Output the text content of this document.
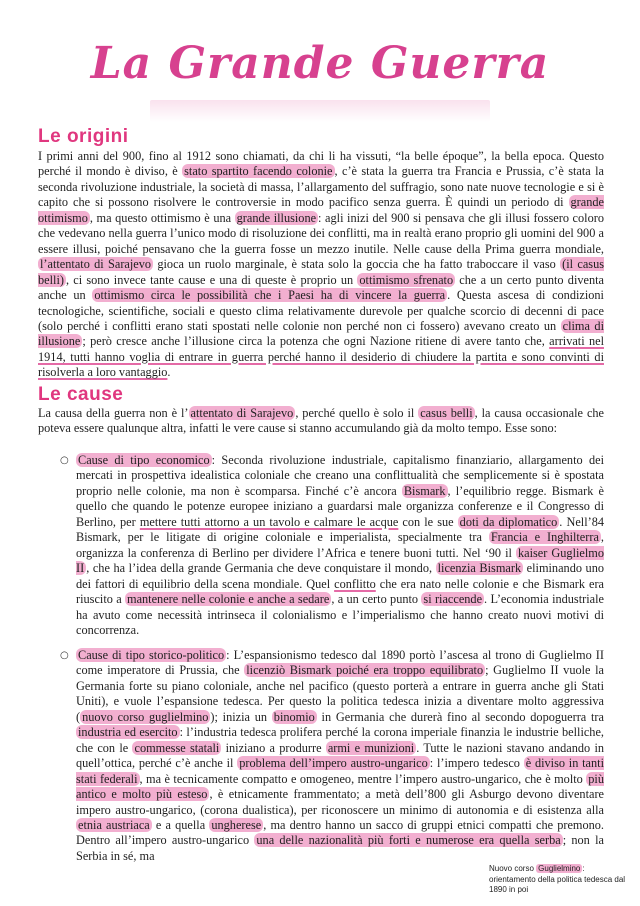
La Grande Guerra
Le origini

I primi anni del 900, fino al 1912 sono chiamati, da chi li ha vissuti, “la belle époque”, la bella epoca. Questo perché il mondo è diviso, è stato spartito facendo colonie , c’è stata la guerra tra Francia e Prussia, c’è stata la seconda rivoluzione industriale, la società di massa, l’allargamento del suffragio, sono nate nuove tecnologie e si è capito che si possono risolvere le controversie in modo pacifico senza guerra. È quindi un periodo di grande ottimismo , ma questo ottimismo è una grande illusione : agli inizi del 900 si pensava che gli illusi fossero coloro che vedevano nella guerra l’unico modo di risoluzione dei conflitti, ma in realtà erano proprio gli uomini del 900 a essere illusi, poiché pensavano che la guerra fosse un mezzo inutile. Nelle cause della Prima guerra mondiale, l’attentato di Sarajevo gioca un ruolo marginale, è stata solo la goccia che ha fatto traboccare il vaso (il casus belli) , ci sono invece tante cause e una di queste è proprio un ottimismo sfrenato che a un certo punto diventa anche un ottimismo circa le possibilità che i Paesi ha di vincere la guerra . Questa ascesa di condizioni tecnologiche, scientifiche, sociali e questo clima relativamente durevole per qualche scorcio di decenni di pace (solo perché i conflitti erano stati spostati nelle colonie non perché non ci fossero) avevano creato un clima di illusione ; però cresce anche l’illusione circa la potenza che ogni Nazione ritiene di avere tanto che, arrivati nel 1914, tutti hanno voglia di entrare in guerra perché hanno il desiderio di chiudere la partita e sono convinti di risolverla a loro vantaggio.

Le cause

La causa della guerra non è l’ attentato di Sarajevo , perché quello è solo il casus belli , la causa occasionale che poteva essere qualunque altra, infatti le vere cause si stanno accumulando già da molto tempo. Esse sono:

○ Cause di tipo economico : Seconda rivoluzione industriale, capitalismo finanziario, allargamento dei mercati in prospettiva idealistica coloniale che creano una conflittualità che semplicemente si è spostata proprio nelle colonie, ma non è scomparsa. Finché c’è ancora Bismark , l’equilibrio regge. Bismark è quello che quando le potenze europee iniziano a guardarsi male organizza conferenze e il Congresso di Berlino, per mettere tutti attorno a un tavolo e calmare le acque con le sue doti da diplomatico . Nell’84 Bismark, per le litigate di origine coloniale e imperialista, specialmente tra Francia e Inghilterra , organizza la conferenza di Berlino per dividere l’Africa e tenere buoni tutti. Nel ‘90 il kaiser Guglielmo II , che ha l’idea della grande Germania che deve conquistare il mondo, licenzia Bismark eliminando uno dei fattori di equilibrio della scena mondiale. Quel conflitto che era nato nelle colonie e che Bismark era riuscito a mantenere nelle colonie e anche a sedare , a un certo punto si riaccende . L’economia industriale ha avuto come necessità intrinseca il colonialismo e l’imperialismo che hanno creato nuovi motivi di concorrenza.

○ Cause di tipo storico-politico : L’espansionismo tedesco dal 1890 portò l’ascesa al trono di Guglielmo II come imperatore di Prussia, che licenziò Bismark poiché era troppo equilibrato ; Guglielmo II vuole la Germania forte su piano coloniale, anche nel pacifico (questo porterà a entrare in guerra anche gli Stati Uniti), e vuole l’espansione tedesca. Per questo la politica tedesca inizia a diventare molto aggressiva ( nuovo corso guglielmino ); inizia un binomio in Germania che durerà fino al secondo dopoguerra tra industria ed esercito : l’industria tedesca prolifera perché la corona imperiale finanzia le industrie belliche, che con le commesse statali iniziano a produrre armi e munizioni . Tutte le nazioni stavano andando in quell’ottica, perché c’è anche il problema dell’impero austro-ungarico : l’impero tedesco è diviso in tanti stati federali , ma è tecnicamente compatto e omogeneo, mentre l’impero austro-ungarico, che è molto più antico e molto più esteso , è etnicamente frammentato; a metà dell’800 gli Asburgo devono diventare impero austro-ungarico, (corona dualistica), per riconoscere un minimo di autonomia e di esistenza alla etnia austriaca e a quella ungherese , ma dentro hanno un sacco di gruppi etnici compatti che premono. Dentro all’impero austro-ungarico una delle nazionalità più forti e numerose era quella serba ; non la Serbia in sé, ma

Nuovo corso Guglielmino : orientamento della politica tedesca dal 1890 in poi
